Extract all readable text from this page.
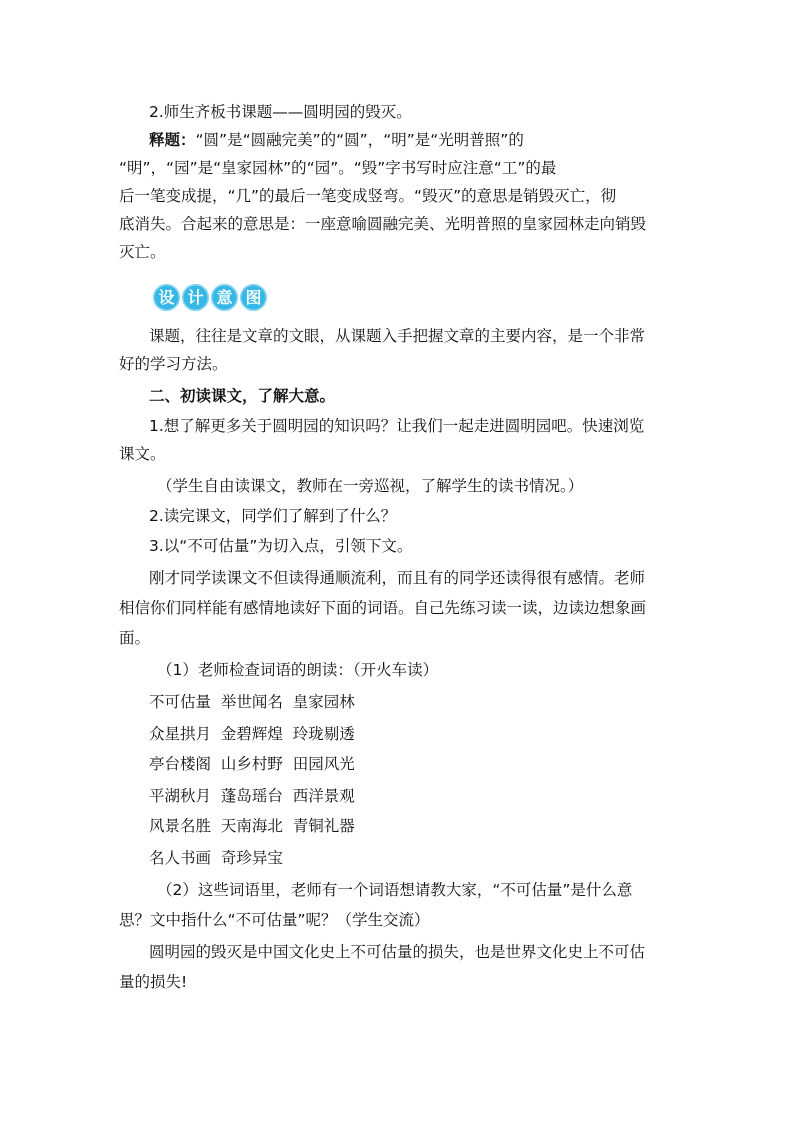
2.师生齐板书课题——圆明园的毁灭。
释题：“圆”是“圆融完美”的“圆”，“明”是“光明普照”的
“明”，“园”是“皇家园林”的“园”。“毁”字书写时应注意“工”的最
后一笔变成提，“几”的最后一笔变成竖弯。“毁灭”的意思是销毁灭亡，彻
底消失。合起来的意思是：一座意喻圆融完美、光明普照的皇家园林走向销毁
灭亡。
设 计 意 图
课题，往往是文章的文眼，从课题入手把握文章的主要内容，是一个非常
好的学习方法。
二、初读课文，了解大意。
1.想了解更多关于圆明园的知识吗？让我们一起走进圆明园吧。快速浏览
课文。
（学生自由读课文，教师在一旁巡视，了解学生的读书情况。）
2.读完课文，同学们了解到了什么？
3.以“不可估量”为切入点，引领下文。
刚才同学读课文不但读得通顺流利，而且有的同学还读得很有感情。老师
相信你们同样能有感情地读好下面的词语。自己先练习读一读，边读边想象画
面。
（1）老师检查词语的朗读：（开火车读）
不可估量  举世闻名  皇家园林
众星拱月  金碧辉煌  玲珑剔透
亭台楼阁  山乡村野  田园风光
平湖秋月  蓬岛瑶台  西洋景观
风景名胜  天南海北  青铜礼器
名人书画  奇珍异宝
（2）这些词语里，老师有一个词语想请教大家，“不可估量”是什么意
思？文中指什么“不可估量”呢？（学生交流）
圆明园的毁灭是中国文化史上不可估量的损失，也是世界文化史上不可估
量的损失!
